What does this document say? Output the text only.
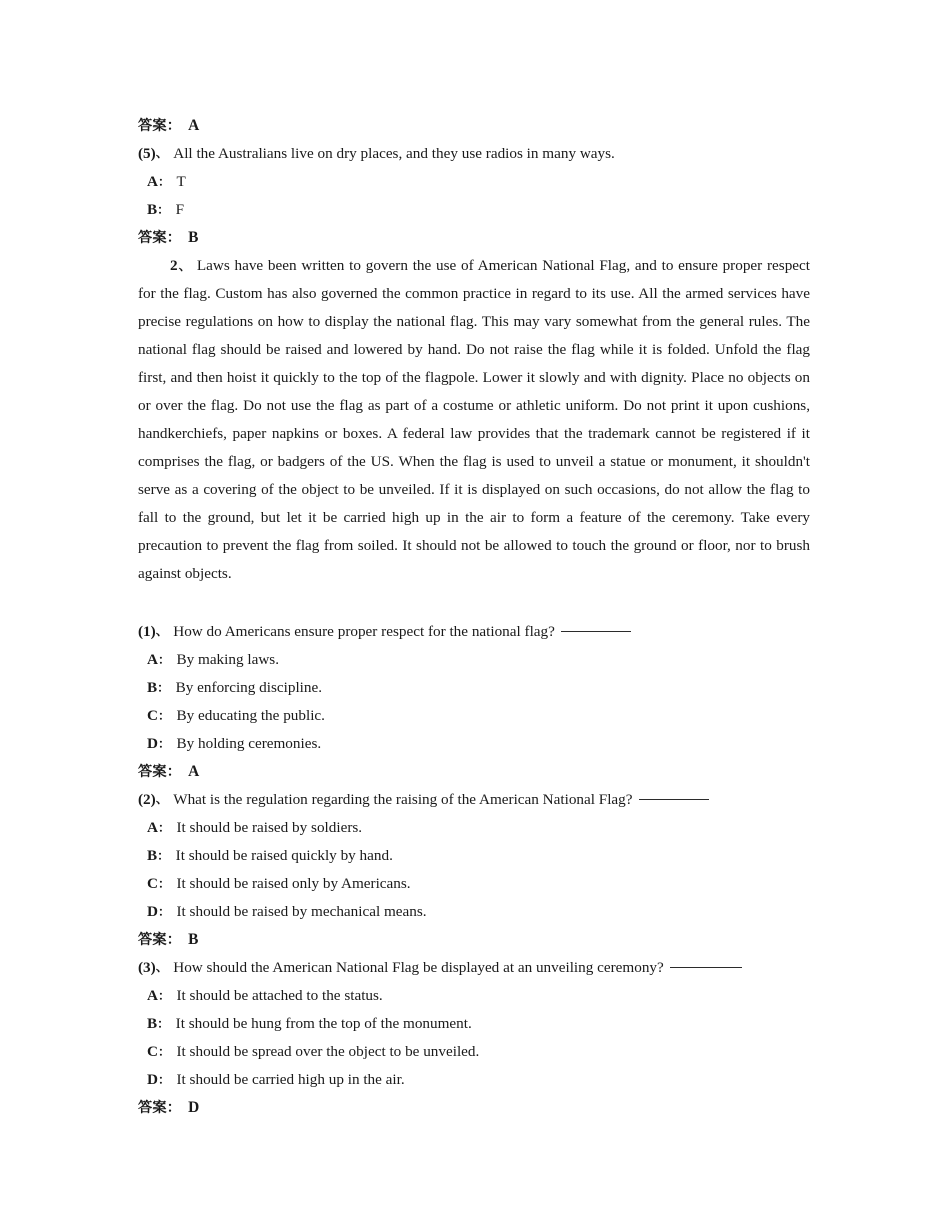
答案： A
(5)、 All the Australians live on dry places, and they use radios in many ways.
A： T
B： F
答案： B

2、 Laws have been written to govern the use of American National Flag, and to ensure proper respect for the flag. Custom has also governed the common practice in regard to its use. All the armed services have precise regulations on how to display the national flag. This may vary somewhat from the general rules. The national flag should be raised and lowered by hand. Do not raise the flag while it is folded. Unfold the flag first, and then hoist it quickly to the top of the flagpole. Lower it slowly and with dignity. Place no objects on or over the flag. Do not use the flag as part of a costume or athletic uniform. Do not print it upon cushions, handkerchiefs, paper napkins or boxes. A federal law provides that the trademark cannot be registered if it comprises the flag, or badgers of the US. When the flag is used to unveil a statue or monument, it shouldn't serve as a covering of the object to be unveiled. If it is displayed on such occasions, do not allow the flag to fall to the ground, but let it be carried high up in the air to form a feature of the ceremony. Take every precaution to prevent the flag from soiled. It should not be allowed to touch the ground or floor, nor to brush against objects.

(1)、 How do Americans ensure proper respect for the national flag?
A： By making laws.
B： By enforcing discipline.
C： By educating the public.
D： By holding ceremonies.
答案： A
(2)、 What is the regulation regarding the raising of the American National Flag?
A： It should be raised by soldiers.
B： It should be raised quickly by hand.
C： It should be raised only by Americans.
D： It should be raised by mechanical means.
答案： B
(3)、 How should the American National Flag be displayed at an unveiling ceremony?
A： It should be attached to the status.
B： It should be hung from the top of the monument.
C： It should be spread over the object to be unveiled.
D： It should be carried high up in the air.
答案： D
